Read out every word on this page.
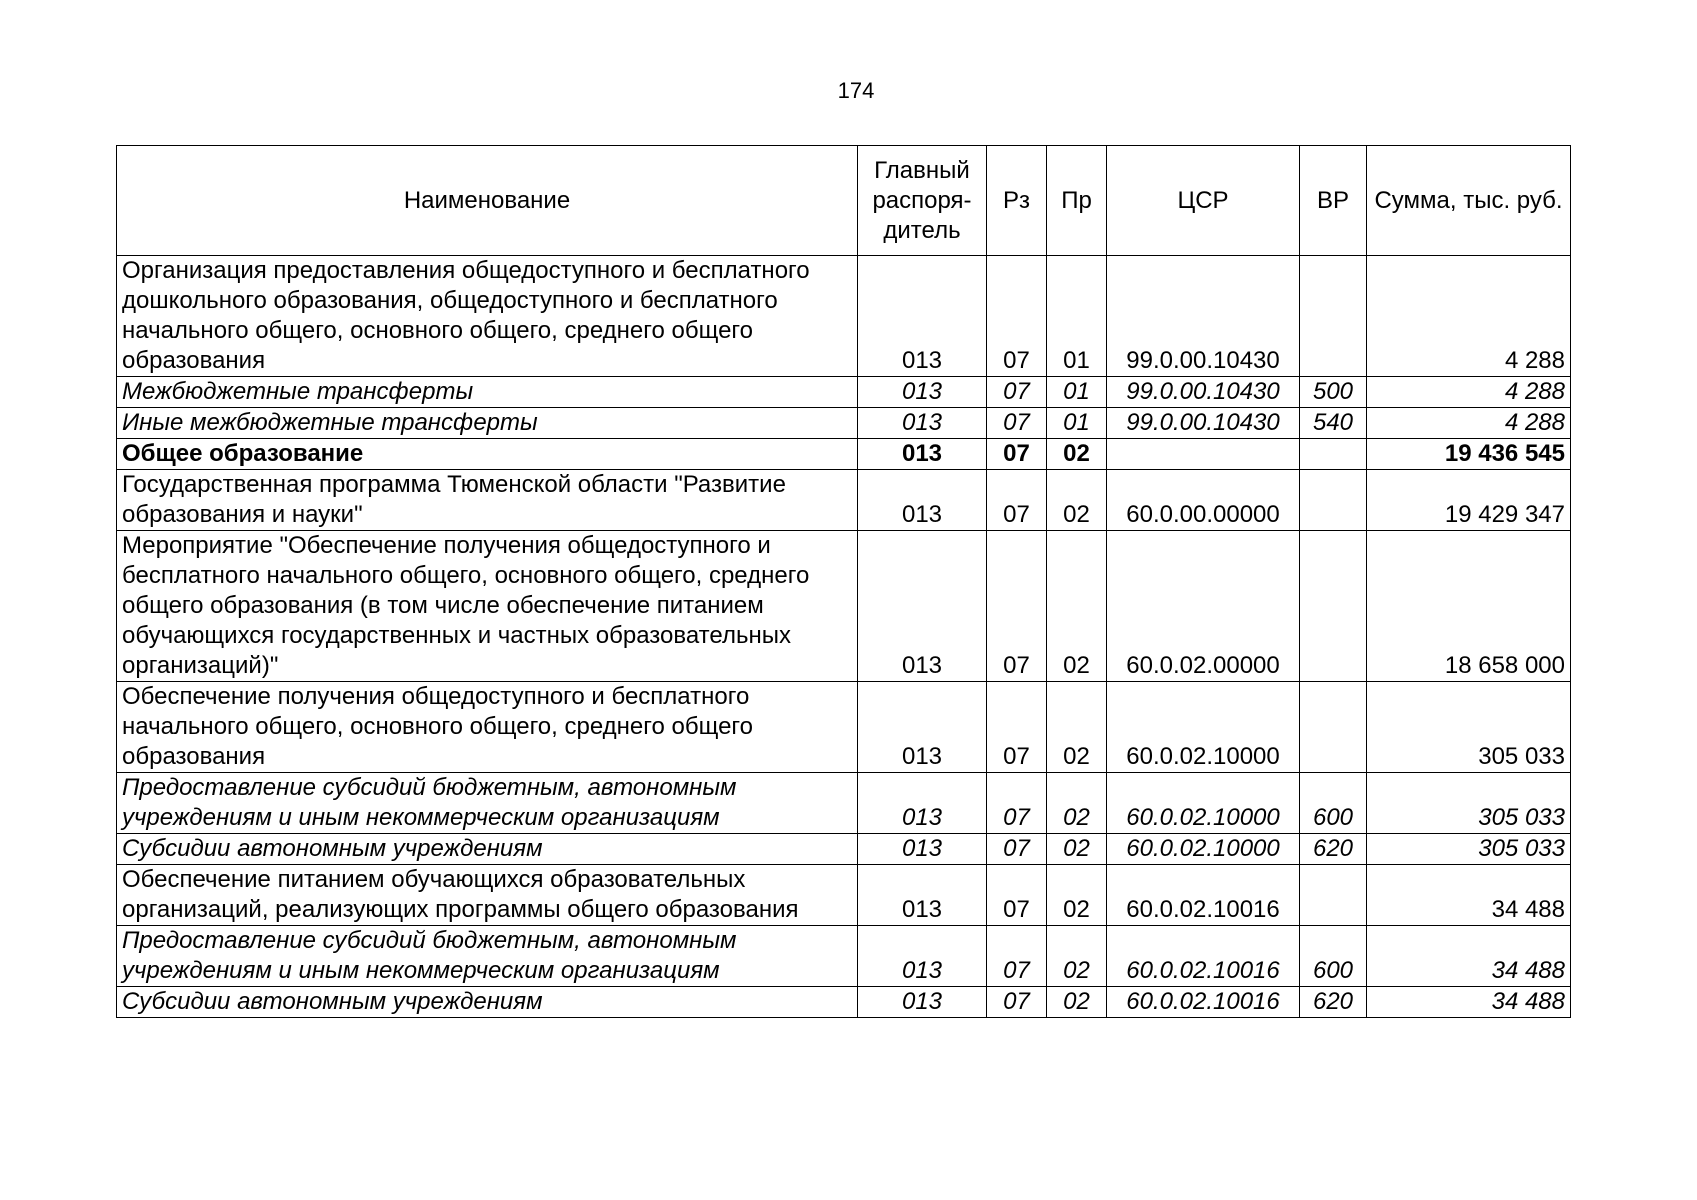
174
Наименование	Главный распоря-дитель	Рз	Пр	ЦСР	ВР	Сумма, тыс. руб.
Организация предоставления общедоступного и бесплатного дошкольного образования, общедоступного и бесплатного начального общего, основного общего, среднего общего образования	013	07	01	99.0.00.10430		4 288
Межбюджетные трансферты	013	07	01	99.0.00.10430	500	4 288
Иные межбюджетные трансферты	013	07	01	99.0.00.10430	540	4 288
Общее образование	013	07	02			19 436 545
Государственная программа Тюменской области "Развитие образования и науки"	013	07	02	60.0.00.00000		19 429 347
Мероприятие "Обеспечение получения общедоступного и бесплатного начального общего, основного общего, среднего общего образования (в том числе обеспечение питанием обучающихся государственных и частных образовательных организаций)"	013	07	02	60.0.02.00000		18 658 000
Обеспечение получения общедоступного и бесплатного начального общего, основного общего, среднего общего образования	013	07	02	60.0.02.10000		305 033
Предоставление субсидий бюджетным, автономным учреждениям и иным некоммерческим организациям	013	07	02	60.0.02.10000	600	305 033
Субсидии автономным учреждениям	013	07	02	60.0.02.10000	620	305 033
Обеспечение питанием обучающихся образовательных организаций, реализующих программы общего образования	013	07	02	60.0.02.10016		34 488
Предоставление субсидий бюджетным, автономным учреждениям и иным некоммерческим организациям	013	07	02	60.0.02.10016	600	34 488
Субсидии автономным учреждениям	013	07	02	60.0.02.10016	620	34 488
